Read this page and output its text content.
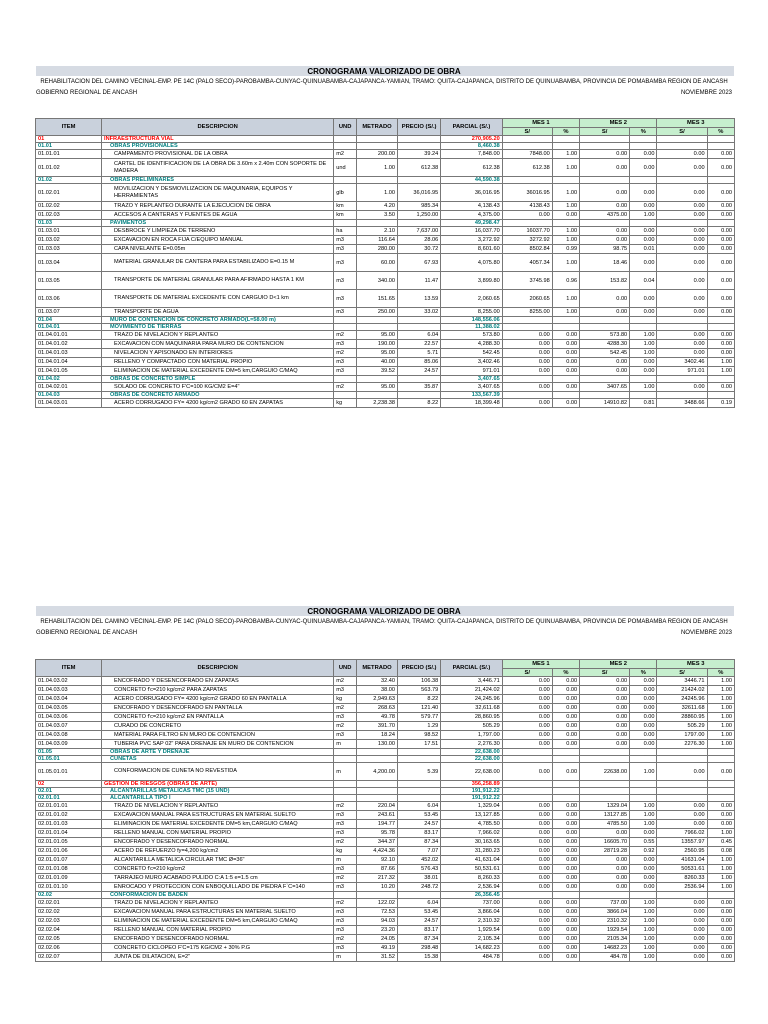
CRONOGRAMA VALORIZADO DE OBRA
REHABILITACION DEL CAMINO VECINAL-EMP. PE 14C (PALO SECO)-PAROBAMBA-CUNYAC-QUINUABAMBA-CAJAPANCA-YAMIAN, TRAMO: QUITA-CAJAPANCA, DISTRITO DE QUINUABAMBA, PROVINCIA DE POMABAMBA REGION DE ANCASH
GOBIERNO REGIONAL DE ANCASH	NOVIEMBRE 2023
ITEM	DESCRIPCION	UND	METRADO	PRECIO (S/.)	PARCIAL (S/.)	MES 1		MES 2		MES 3	
						S/	%	S/	%	S/	%
01	INFRAESTRUCTURA VIAL				270,905.20						
01.01	OBRAS PROVISIONALES				8,460.38						
01.01.01	CAMPAMENTO PROVISIONAL DE LA OBRA	m2	200.00	39.24	7,848.00	7848.00	1.00	0.00	0.00	0.00	0.00
01.01.02	CARTEL DE IDENTIFICACION DE LA OBRA DE 3.60m x 2.40m CON SOPORTE DE MADERA	und	1.00	612.38	612.38	612.38	1.00	0.00	0.00	0.00	0.00
01.02	OBRAS PRELIMINARES				44,590.38						
01.02.01	MOVILIZACION Y DESMOVILIZACION DE MAQUINARIA, EQUIPOS Y HERRAMIENTAS	glb	1.00	36,016.95	36,016.95	36016.95	1.00	0.00	0.00	0.00	0.00
01.02.02	TRAZO Y REPLANTEO DURANTE LA EJECUCION DE OBRA	km	4.20	985.34	4,138.43	4138.43	1.00	0.00	0.00	0.00	0.00
01.02.03	ACCESOS A CANTERAS Y FUENTES DE AGUA	km	3.50	1,250.00	4,375.00	0.00	0.00	4375.00	1.00	0.00	0.00
01.03	PAVIMENTOS				49,298.47						
01.03.01	DESBROCE Y LIMPIEZA DE TERRENO	ha	2.10	7,637.00	16,037.70	16037.70	1.00	0.00	0.00	0.00	0.00
01.03.02	EXCAVACION EN ROCA FIJA C/EQUIPO MANUAL	m3	116.64	28.06	3,272.92	3272.92	1.00	0.00	0.00	0.00	0.00
01.03.03	CAPA NIVELANTE E=0.05m	m3	280.00	30.72	8,601.60	8502.84	0.99	98.75	0.01	0.00	0.00
01.03.04	MATERIAL GRANULAR DE CANTERA PARA ESTABILIZADO E=0.15 M	m3	60.00	67.93	4,075.80	4057.34	1.00	18.46	0.00	0.00	0.00
01.03.05	TRANSPORTE DE MATERIAL GRANULAR PARA AFIRMADO HASTA 1 KM	m3	340.00	11.47	3,899.80	3745.98	0.96	153.82	0.04	0.00	0.00
01.03.06	TRANSPORTE DE MATERIAL EXCEDENTE CON CARGUIO D<1 km	m3	151.65	13.59	2,060.65	2060.65	1.00	0.00	0.00	0.00	0.00
01.03.07	TRANSPORTE DE AGUA	m3	250.00	33.02	8,255.00	8255.00	1.00	0.00	0.00	0.00	0.00
01.04	MURO DE CONTENCION DE CONCRETO ARMADO(L=58.00 m)				148,556.06						
01.04.01	MOVIMIENTO DE TIERRAS				11,388.02						
01.04.01.01	TRAZO DE NIVELACION Y REPLANTEO	m2	95.00	6.04	573.80	0.00	0.00	573.80	1.00	0.00	0.00
01.04.01.02	EXCAVACION CON MAQUINARIA PARA MURO DE CONTENCION	m3	190.00	22.57	4,288.30	0.00	0.00	4288.30	1.00	0.00	0.00
01.04.01.03	NIVELACION Y APISONADO EN INTERIORES	m2	95.00	5.71	542.45	0.00	0.00	542.45	1.00	0.00	0.00
01.04.01.04	RELLENO Y COMPACTADO CON MATERIAL PROPIO	m3	40.00	85.06	3,402.46	0.00	0.00	0.00	0.00	3402.46	1.00
01.04.01.05	ELIMINACION DE MATERIAL EXCEDENTE DM=5 km,CARGUIO C/MAQ	m3	39.52	24.57	971.01	0.00	0.00	0.00	0.00	971.01	1.00
01.04.02	OBRAS DE CONCRETO SIMPLE				3,407.65						
01.04.02.01	SOLADO DE CONCRETO F'C=100 KG/CM2 E=4"	m2	95.00	35.87	3,407.65	0.00	0.00	3407.65	1.00	0.00	0.00
01.04.03	OBRAS DE CONCRETO ARMADO				133,567.39						
01.04.03.01	ACERO CORRUGADO FY= 4200 kg/cm2 GRADO 60 EN ZAPATAS	kg	2,238.38	8.22	18,399.48	0.00	0.00	14910.82	0.81	3488.66	0.19
CRONOGRAMA VALORIZADO DE OBRA
REHABILITACION DEL CAMINO VECINAL-EMP. PE 14C (PALO SECO)-PAROBAMBA-CUNYAC-QUINUABAMBA-CAJAPANCA-YAMIAN, TRAMO: QUITA-CAJAPANCA, DISTRITO DE QUINUABAMBA, PROVINCIA DE POMABAMBA REGION DE ANCASH
GOBIERNO REGIONAL DE ANCASH	NOVIEMBRE 2023
ITEM	DESCRIPCION	UND	METRADO	PRECIO (S/.)	PARCIAL (S/.)	MES 1		MES 2		MES 3	
						S/	%	S/	%	S/	%
01.04.03.02	ENCOFRADO Y DESENCOFRADO EN ZAPATAS	m2	32.40	106.38	3,446.71	0.00	0.00	0.00	0.00	3446.71	1.00
01.04.03.03	CONCRETO f'c=210 kg/cm2 PARA ZAPATAS	m3	38.00	563.79	21,424.02	0.00	0.00	0.00	0.00	21424.02	1.00
01.04.03.04	ACERO CORRUGADO FY= 4200 kg/cm2 GRADO 60 EN PANTALLA	kg	2,949.63	8.22	24,245.96	0.00	0.00	0.00	0.00	24245.96	1.00
01.04.03.05	ENCOFRADO Y DESENCOFRADO EN PANTALLA	m2	268.63	121.40	32,611.68	0.00	0.00	0.00	0.00	32611.68	1.00
01.04.03.06	CONCRETO f'c=210 kg/cm2 EN PANTALLA	m3	49.78	579.77	28,860.95	0.00	0.00	0.00	0.00	28860.95	1.00
01.04.03.07	CURADO DE CONCRETO	m2	391.70	1.29	505.29	0.00	0.00	0.00	0.00	505.29	1.00
01.04.03.08	MATERIAL PARA FILTRO EN MURO DE CONTENCION	m3	18.24	98.52	1,797.00	0.00	0.00	0.00	0.00	1797.00	1.00
01.04.03.09	TUBERIA PVC SAP 02" PARA DRENAJE EN MURO DE CONTENCION	m	130.00	17.51	2,276.30	0.00	0.00	0.00	0.00	2276.30	1.00
01.05	OBRAS DE ARTE Y DRENAJE				22,638.00						
01.05.01	CUNETAS				22,638.00						
01.05.01.01	CONFORMACION DE CUNETA NO REVESTIDA	m	4,200.00	5.39	22,638.00	0.00	0.00	22638.00	1.00	0.00	0.00
02	GESTION DE RIESGOS (OBRAS DE ARTE)				356,258.89						
02.01	ALCANTARILLAS METALICAS TMC (15 UND)				191,912.22						
02.01.01	ALCANTARILLA TIPO I				191,912.22						
02.01.01.01	TRAZO DE NIVELACION Y REPLANTEO	m2	220.04	6.04	1,329.04	0.00	0.00	1329.04	1.00	0.00	0.00
02.01.01.02	EXCAVACION MANUAL PARA ESTRUCTURAS EN MATERIAL SUELTO	m3	243.61	53.45	13,127.85	0.00	0.00	13127.85	1.00	0.00	0.00
02.01.01.03	ELIMINACION DE MATERIAL EXCEDENTE DM=5 km,CARGUIO C/MAQ	m3	194.77	24.57	4,785.50	0.00	0.00	4785.50	1.00	0.00	0.00
02.01.01.04	RELLENO MANUAL CON MATERIAL PROPIO	m3	95.78	83.17	7,966.02	0.00	0.00	0.00	0.00	7966.02	1.00
02.01.01.05	ENCOFRADO Y DESENCOFRADO NORMAL	m2	344.37	87.34	30,163.65	0.00	0.00	16605.70	0.55	13557.97	0.45
02.01.01.06	ACERO DE REFUERZO fy=4,200 kg/cm2	kg	4,424.36	7.07	31,280.23	0.00	0.00	28719.28	0.92	2560.95	0.08
02.01.01.07	ALCANTARILLA METALICA CIRCULAR TMC Ø=36"	m	92.10	452.02	41,631.04	0.00	0.00	0.00	0.00	41631.04	1.00
02.01.01.08	CONCRETO f'c=210 kg/cm2	m3	87.66	576.43	50,531.61	0.00	0.00	0.00	0.00	50531.61	1.00
02.01.01.09	TARRAJEO MURO ACABADO PULIDO C:A 1:5 e=1.5 cm	m2	217.32	38.01	8,260.33	0.00	0.00	0.00	0.00	8260.33	1.00
02.01.01.10	ENROCADO Y PROTECCION CON ENBOQUILLADO DE PIEDRA F`C=140	m3	10.20	248.72	2,536.94	0.00	0.00	0.00	0.00	2536.94	1.00
02.02	CONFORMACION DE BADEN				26,356.45						
02.02.01	TRAZO DE NIVELACION Y REPLANTEO	m2	122.02	6.04	737.00	0.00	0.00	737.00	1.00	0.00	0.00
02.02.02	EXCAVACION MANUAL PARA ESTRUCTURAS EN MATERIAL SUELTO	m3	72.53	53.45	3,866.04	0.00	0.00	3866.04	1.00	0.00	0.00
02.02.03	ELIMINACION DE MATERIAL EXCEDENTE DM=5 km,CARGUIO C/MAQ	m3	94.03	24.57	2,310.32	0.00	0.00	2310.32	1.00	0.00	0.00
02.02.04	RELLENO MANUAL CON MATERIAL PROPIO	m3	23.20	83.17	1,929.54	0.00	0.00	1929.54	1.00	0.00	0.00
02.02.05	ENCOFRADO Y DESENCOFRADO NORMAL	m2	24.05	87.34	2,105.34	0.00	0.00	2105.34	1.00	0.00	0.00
02.02.06	CONCRETO CICLOPEO F'C=175 KG/CM2 + 30% P.G	m3	49.19	298.48	14,682.23	0.00	0.00	14682.23	1.00	0.00	0.00
02.02.07	JUNTA DE DILATACION, E=2"	m	31.52	15.38	484.78	0.00	0.00	484.78	1.00	0.00	0.00
